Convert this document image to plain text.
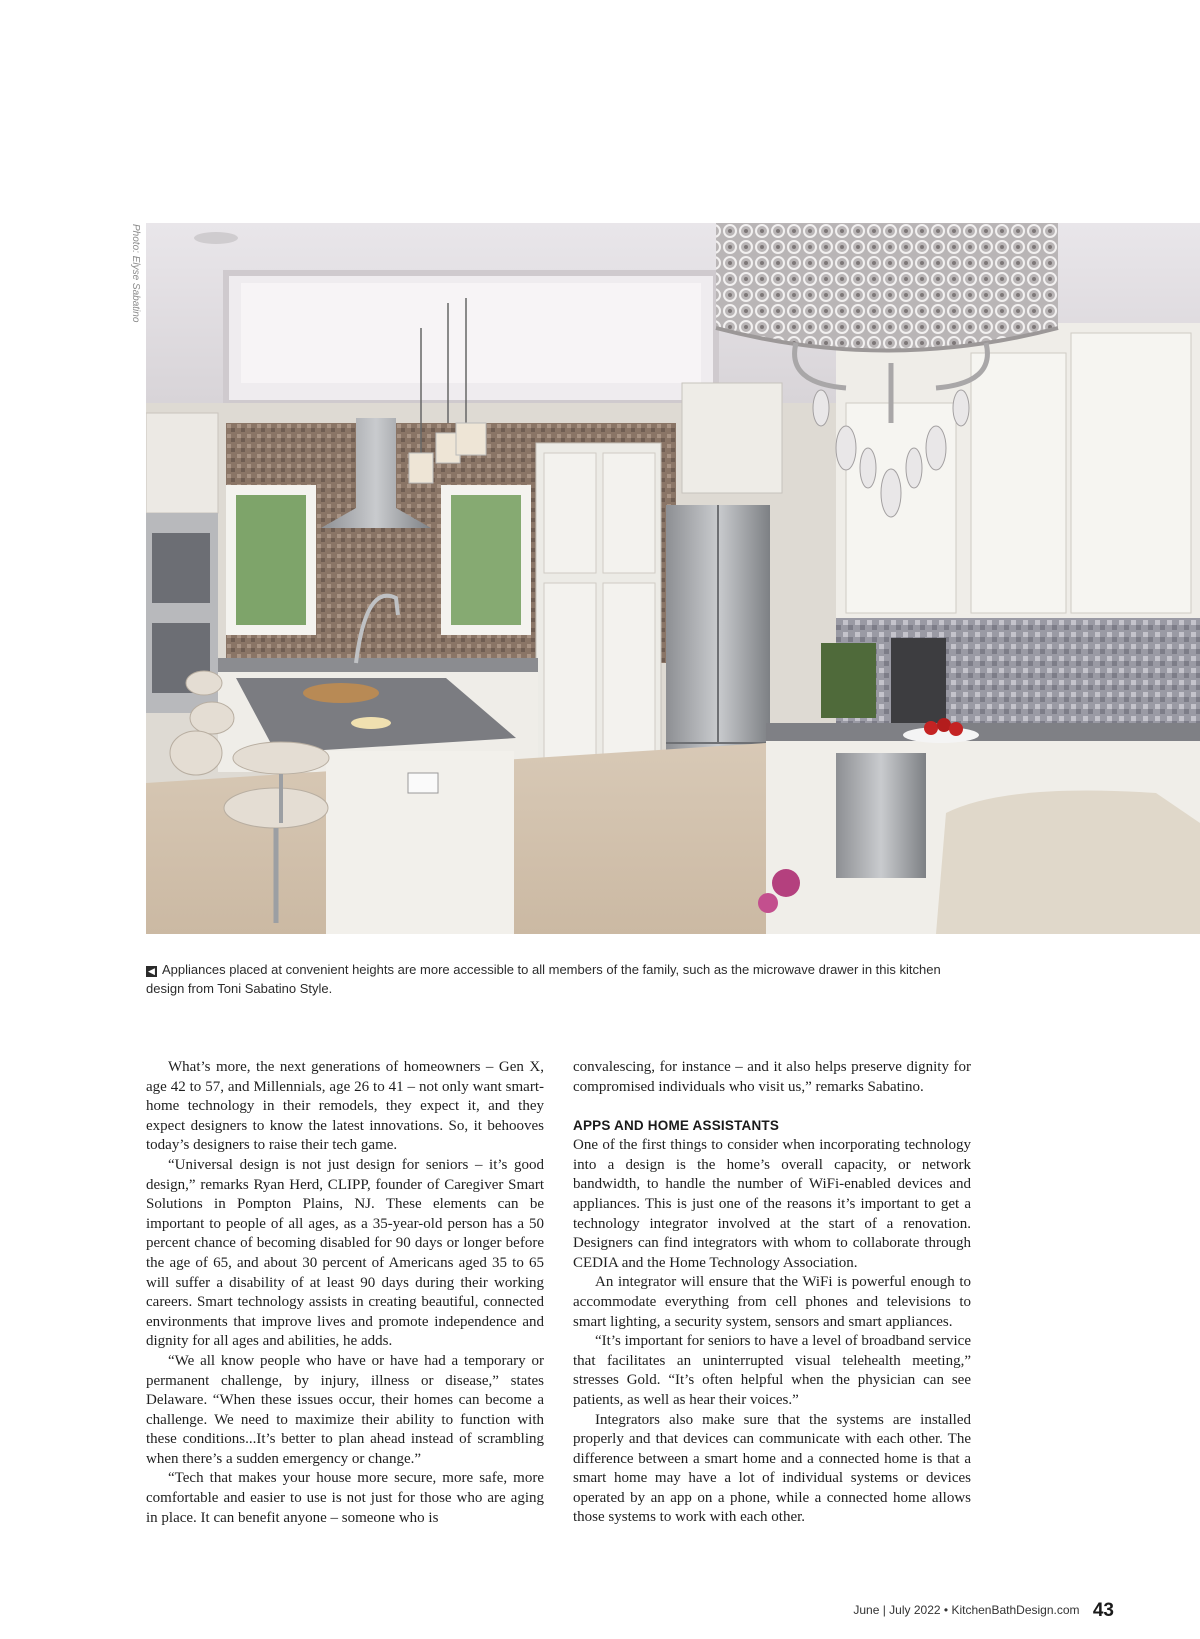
Photo: Elyse Sabatino
◀ Appliances placed at convenient heights are more accessible to all members of the family, such as the microwave drawer in this kitchen design from Toni Sabatino Style.

What’s more, the next generations of homeowners – Gen X, age 42 to 57, and Millennials, age 26 to 41 – not only want smart-home technology in their remodels, they expect it, and they expect designers to know the latest innovations. So, it behooves today’s designers to raise their tech game.

“Universal design is not just design for seniors – it’s good design,” remarks Ryan Herd, CLIPP, founder of Caregiver Smart Solutions in Pompton Plains, NJ. These elements can be important to people of all ages, as a 35-year-old person has a 50 percent chance of becoming disabled for 90 days or longer before the age of 65, and about 30 percent of Americans aged 35 to 65 will suffer a disability of at least 90 days during their working careers. Smart technology assists in creating beautiful, connected environments that improve lives and promote independence and dignity for all ages and abilities, he adds.

“We all know people who have or have had a temporary or permanent challenge, by injury, illness or disease,” states Delaware. “When these issues occur, their homes can become a challenge. We need to maximize their ability to function with these conditions...It’s better to plan ahead instead of scrambling when there’s a sudden emergency or change.”

“Tech that makes your house more secure, more safe, more comfortable and easier to use is not just for those who are aging in place. It can benefit anyone – someone who is

convalescing, for instance – and it also helps preserve dignity for compromised individuals who visit us,” remarks Sabatino.

APPS AND HOME ASSISTANTS

One of the first things to consider when incorporating technology into a design is the home’s overall capacity, or network bandwidth, to handle the number of WiFi-enabled devices and appliances. This is just one of the reasons it’s important to get a technology integrator involved at the start of a renovation. Designers can find integrators with whom to collaborate through CEDIA and the Home Technology Association.

An integrator will ensure that the WiFi is powerful enough to accommodate everything from cell phones and televisions to smart lighting, a security system, sensors and smart appliances.

“It’s important for seniors to have a level of broadband service that facilitates an uninterrupted visual telehealth meeting,” stresses Gold. “It’s often helpful when the physician can see patients, as well as hear their voices.”

Integrators also make sure that the systems are installed properly and that devices can communicate with each other. The difference between a smart home and a connected home is that a smart home may have a lot of individual systems or devices operated by an app on a phone, while a connected home allows those systems to work with each other.

June | July 2022 • KitchenBathDesign.com 43
